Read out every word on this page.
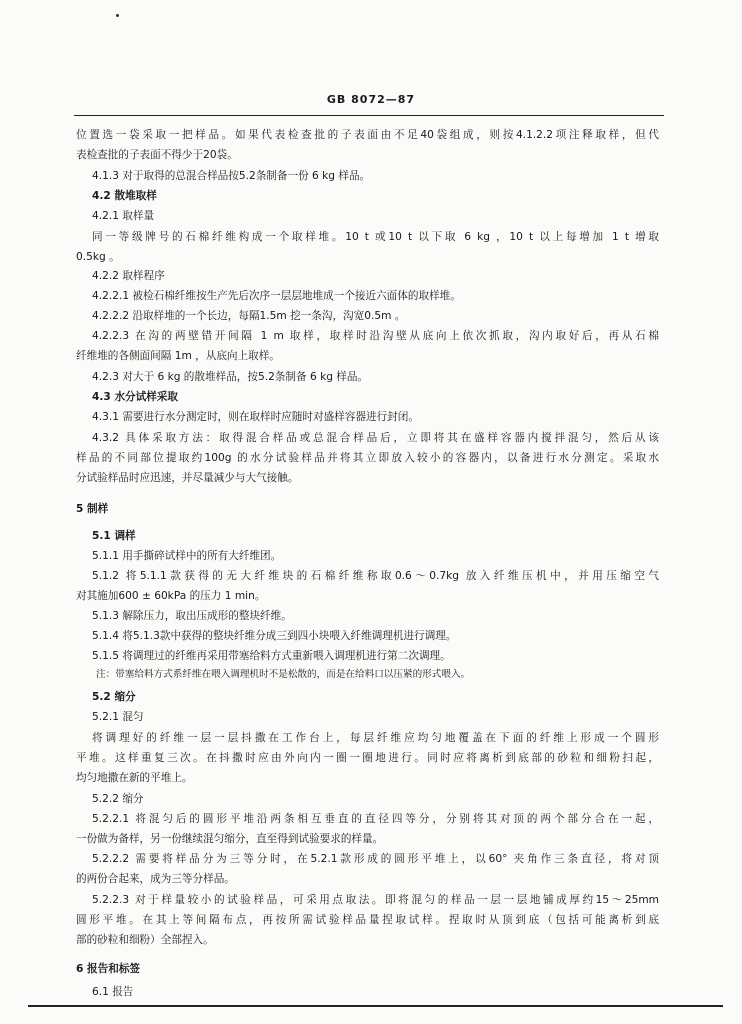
GB 8072—87
位置选一袋采取一把样品。如果代表检查批的子表面由不足40袋组成，则按4.1.2.2项注释取样，但代
表检查批的子表面不得少于20袋。
4.1.3 对于取得的总混合样品按5.2条制备一份 6 kg 样品。
4.2 散堆取样
4.2.1 取样量
同一等级牌号的石棉纤维构成一个取样堆。10 t 或10 t 以下取 6 kg ，10 t 以上每增加 1 t 增取
0.5kg 。
4.2.2 取样程序
4.2.2.1 被检石棉纤维按生产先后次序一层层地堆成一个接近六面体的取样堆。
4.2.2.2 沿取样堆的一个长边，每隔1.5m 挖一条沟，沟宽0.5m 。
4.2.2.3 在沟的两壁错开间隔 1 m 取样，取样时沿沟壁从底向上依次抓取，沟内取好后，再从石棉
纤维堆的各侧面间隔 1m ，从底向上取样。
4.2.3 对大于 6 kg 的散堆样品，按5.2条制备 6 kg 样品。
4.3 水分试样采取
4.3.1 需要进行水分测定时，则在取样时应随时对盛样容器进行封闭。
4.3.2 具体采取方法：取得混合样品或总混合样品后，立即将其在盛样容器内搅拌混匀，然后从该
样品的不同部位提取约100g 的水分试验样品并将其立即放入较小的容器内，以备进行水分测定。采取水
分试验样品时应迅速，并尽量减少与大气接触。
5 制样
5.1 调样
5.1.1 用手撕碎试样中的所有大纤维团。
5.1.2 将5.1.1款获得的无大纤维块的石棉纤维称取0.6～0.7kg 放入纤维压机中，并用压缩空气
对其施加600 ± 60kPa 的压力 1 min。
5.1.3 解除压力，取出压成形的整块纤维。
5.1.4 将5.1.3款中获得的整块纤维分成三到四小块喂入纤维调理机进行调理。
5.1.5 将调理过的纤维再采用带塞给料方式重新喂入调理机进行第二次调理。
注：带塞给料方式系纤维在喂入调理机时不是松散的，而是在给料口以压紧的形式喂入。
5.2 缩分
5.2.1 混匀
将调理好的纤维一层一层抖撒在工作台上，每层纤维应均匀地覆盖在下面的纤维上形成一个圆形
平堆。这样重复三次。在抖撒时应由外向内一圈一圈地进行。同时应将离析到底部的砂粒和细粉扫起，
均匀地撒在新的平堆上。
5.2.2 缩分
5.2.2.1 将混匀后的圆形平堆沿两条相互垂直的直径四等分，分别将其对顶的两个部分合在一起，
一份做为备样，另一份继续混匀缩分，直至得到试验要求的样量。
5.2.2.2 需要将样品分为三等分时，在5.2.1款形成的圆形平堆上，以60° 夹角作三条直径，将对顶
的两份合起来，成为三等分样品。
5.2.2.3 对于样量较小的试验样品，可采用点取法。即将混匀的样品一层一层地铺成厚约15～25mm
圆形平堆。在其上等间隔布点，再按所需试验样品量捏取试样。捏取时从顶到底（包括可能离析到底
部的砂粒和细粉）全部捏入。
6 报告和标签
6.1 报告
